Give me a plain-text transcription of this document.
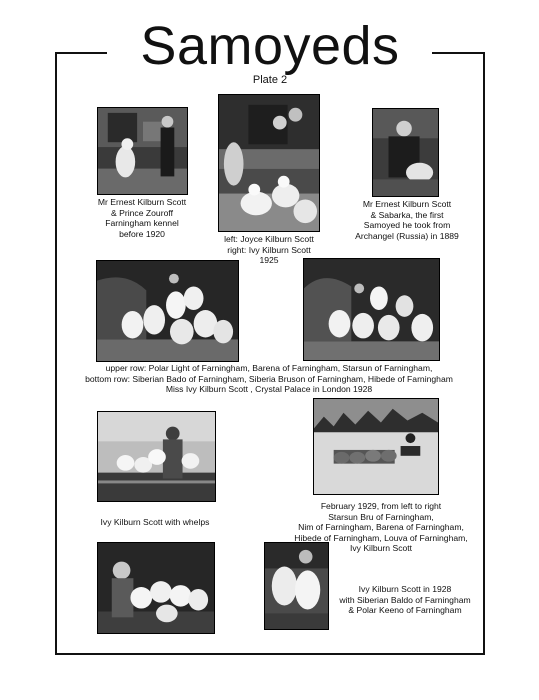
Samoyeds
Plate 2
Mr Ernest Kilburn Scott
& Prince Zouroff
Farningham kennel
before 1920
left: Joyce Kilburn Scott
right: Ivy Kilburn Scott
1925
Mr Ernest Kilburn Scott
& Sabarka, the first
Samoyed he took from
Archangel (Russia) in 1889
upper row: Polar Light of Farningham, Barena of Farningham, Starsun of Farningham,
bottom row: Siberian Bado of Farningham, Siberia Bruson of Farningham, Hibede of Farningham
Miss Ivy Kilburn Scott , Crystal Palace in London 1928
Ivy Kilburn Scott with whelps
February 1929, from left to right
Starsun Bru of Farningham,
Nim of Farningham, Barena of Farningham,
Hibede of Farningham, Louva of Farningham,
Ivy Kilburn Scott
Ivy Kilburn Scott in 1928
with Siberian Baldo of Farningham
& Polar Keeno of Farningham
